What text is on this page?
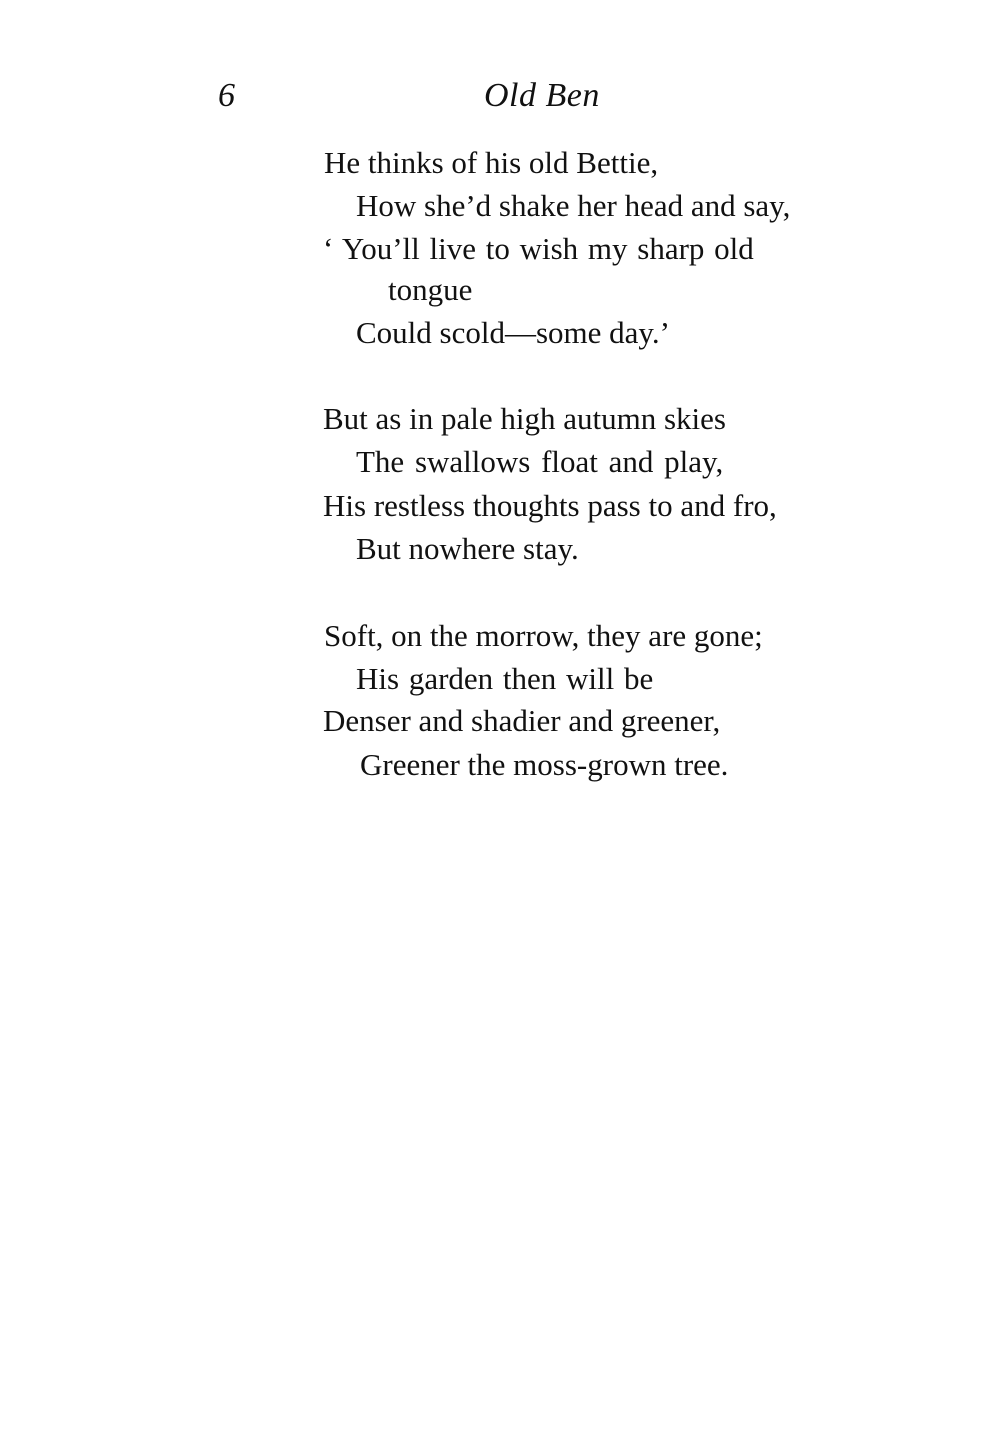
6	Old Ben
He thinks of his old Bettie,
How she’d shake her head and say,
‘ You’ll live to wish my sharp old
tongue
Could scold—some day.’
But as in pale high autumn skies
The swallows float and play,
His restless thoughts pass to and fro,
But nowhere stay.
Soft, on the morrow, they are gone;
His garden then will be
Denser and shadier and greener,
Greener the moss-grown tree.
